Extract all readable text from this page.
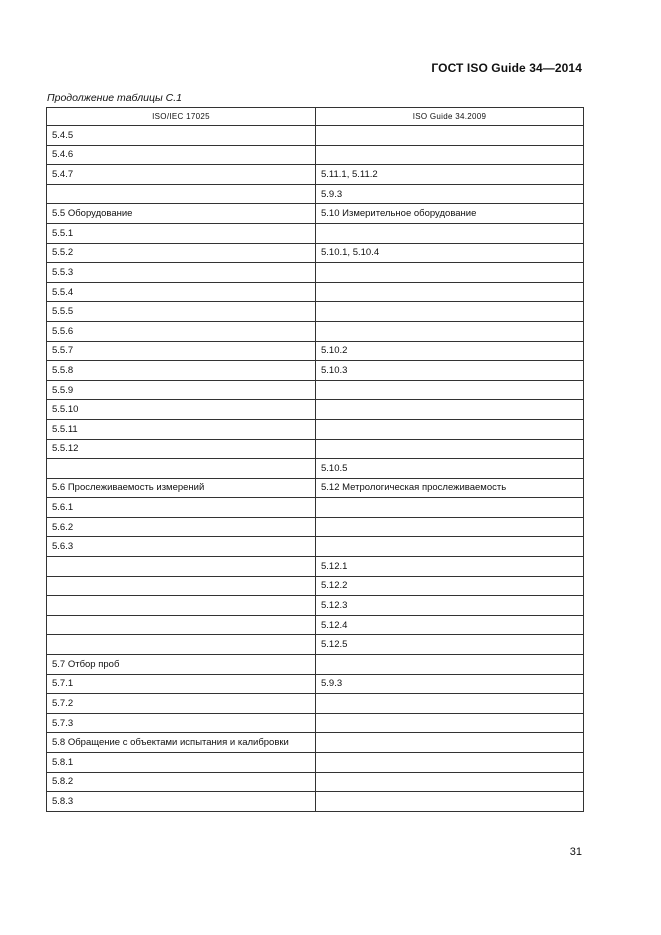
ГОСТ ISO Guide 34—2014
Продолжение таблицы С.1
ISO/IEC 17025	ISO Guide 34.2009
5.4.5	
5.4.6	
5.4.7	5.11.1, 5.11.2
	5.9.3
5.5 Оборудование	5.10 Измерительное оборудование
5.5.1	
5.5.2	5.10.1, 5.10.4
5.5.3	
5.5.4	
5.5.5	
5.5.6	
5.5.7	5.10.2
5.5.8	5.10.3
5.5.9	
5.5.10	
5.5.11	
5.5.12	
	5.10.5
5.6 Прослеживаемость измерений	5.12 Метрологическая прослеживаемость
5.6.1	
5.6.2	
5.6.3	
	5.12.1
	5.12.2
	5.12.3
	5.12.4
	5.12.5
5.7 Отбор проб	
5.7.1	5.9.3
5.7.2	
5.7.3	
5.8 Обращение с объектами испытания и калибровки	
5.8.1	
5.8.2	
5.8.3	
31
